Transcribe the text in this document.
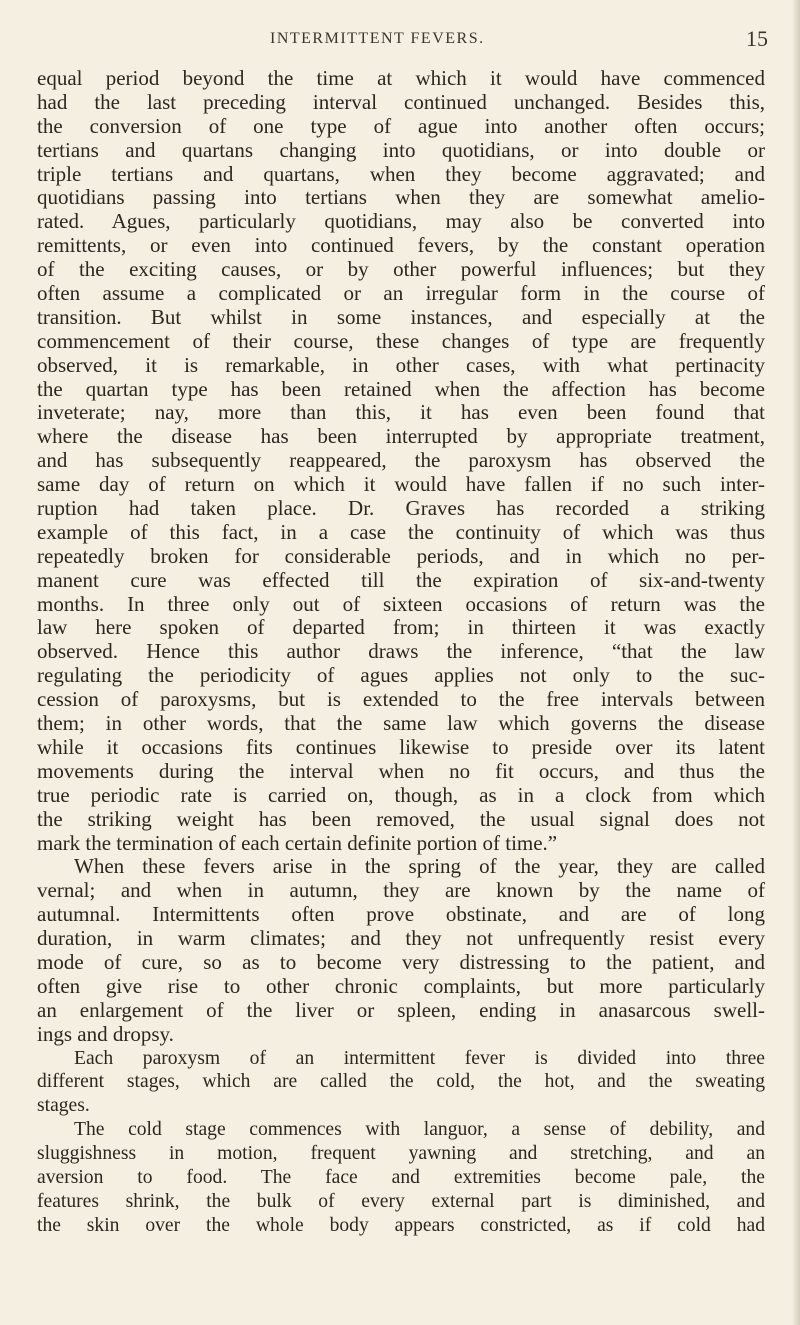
INTERMITTENT FEVERS.	15
equal period beyond the time at which it would have commenced
had the last preceding interval continued unchanged. Besides this,
the conversion of one type of ague into another often occurs;
tertians and quartans changing into quotidians, or into double or
triple tertians and quartans, when they become aggravated; and
quotidians passing into tertians when they are somewhat amelio-
rated. Agues, particularly quotidians, may also be converted into
remittents, or even into continued fevers, by the constant operation
of the exciting causes, or by other powerful influences; but they
often assume a complicated or an irregular form in the course of
transition. But whilst in some instances, and especially at the
commencement of their course, these changes of type are frequently
observed, it is remarkable, in other cases, with what pertinacity
the quartan type has been retained when the affection has become
inveterate; nay, more than this, it has even been found that
where the disease has been interrupted by appropriate treatment,
and has subsequently reappeared, the paroxysm has observed the
same day of return on which it would have fallen if no such inter-
ruption had taken place. Dr. Graves has recorded a striking
example of this fact, in a case the continuity of which was thus
repeatedly broken for considerable periods, and in which no per-
manent cure was effected till the expiration of six-and-twenty
months. In three only out of sixteen occasions of return was the
law here spoken of departed from; in thirteen it was exactly
observed. Hence this author draws the inference, “that the law
regulating the periodicity of agues applies not only to the suc-
cession of paroxysms, but is extended to the free intervals between
them; in other words, that the same law which governs the disease
while it occasions fits continues likewise to preside over its latent
movements during the interval when no fit occurs, and thus the
true periodic rate is carried on, though, as in a clock from which
the striking weight has been removed, the usual signal does not
mark the termination of each certain definite portion of time.”
When these fevers arise in the spring of the year, they are called
vernal; and when in autumn, they are known by the name of
autumnal. Intermittents often prove obstinate, and are of long
duration, in warm climates; and they not unfrequently resist every
mode of cure, so as to become very distressing to the patient, and
often give rise to other chronic complaints, but more particularly
an enlargement of the liver or spleen, ending in anasarcous swell-
ings and dropsy.
Each paroxysm of an intermittent fever is divided into three
different stages, which are called the cold, the hot, and the sweating
stages.
The cold stage commences with languor, a sense of debility, and
sluggishness in motion, frequent yawning and stretching, and an
aversion to food. The face and extremities become pale, the
features shrink, the bulk of every external part is diminished, and
the skin over the whole body appears constricted, as if cold had
